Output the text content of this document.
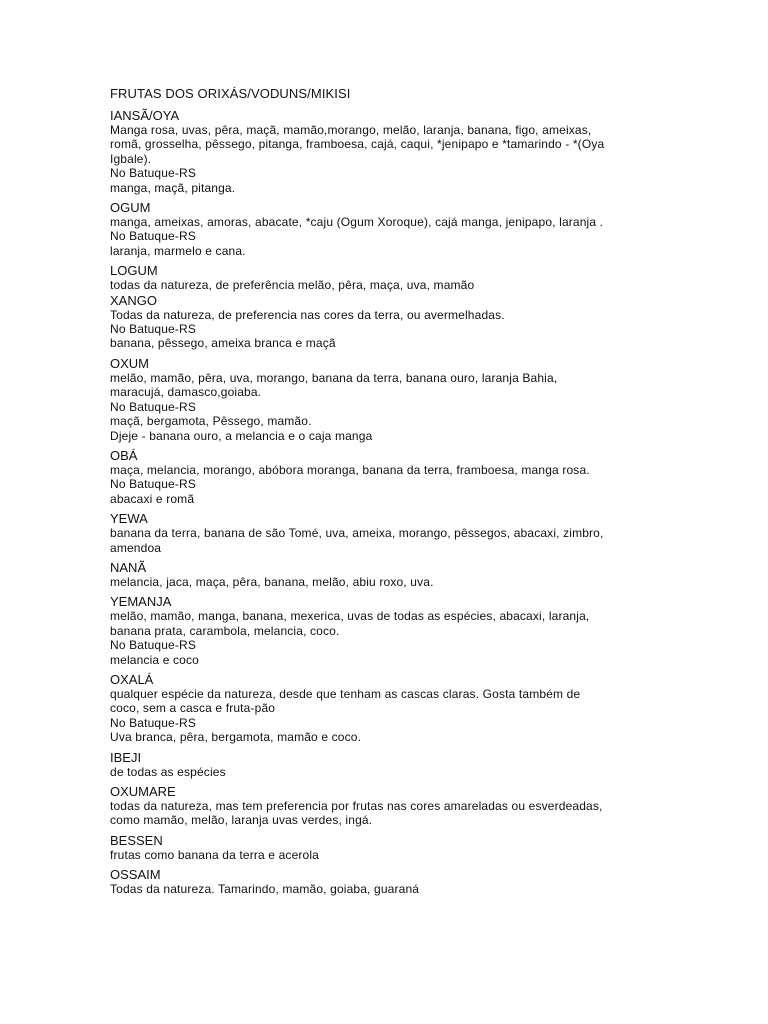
FRUTAS DOS ORIXÁS/VODUNS/MIKISI
IANSÃ/OYA
Manga rosa, uvas, pêra, maçã, mamão,morango, melão, laranja, banana, figo, ameixas,
romã, grosselha, pêssego, pitanga, framboesa, cajá, caqui, *jenipapo e *tamarindo - *(Oya
Igbale).
No Batuque-RS
manga, maçã, pitanga.
OGUM
manga, ameixas, amoras, abacate, *caju (Ogum Xoroque), cajá manga, jenipapo, laranja .
No Batuque-RS
laranja, marmelo e cana.
LOGUM
todas da natureza, de preferência melão, pêra, maça, uva, mamão
XANGO
Todas da natureza, de preferencia nas cores da terra, ou avermelhadas.
No Batuque-RS
banana, pêssego, ameixa branca e maçã
OXUM
melão, mamão, pêra, uva, morango, banana da terra, banana ouro, laranja Bahia,
maracujá, damasco,goiaba.
No Batuque-RS
maçã, bergamota, Pêssego, mamão.
Djeje - banana ouro, a melancia e o caja manga
OBÁ
maça, melancia, morango, abóbora moranga, banana da terra, framboesa, manga rosa.
No Batuque-RS
abacaxi e romã
YEWA
banana da terra, banana de são Tomé, uva, ameixa, morango, pêssegos, abacaxi, zimbro,
amendoa
NANÃ
melancia, jaca, maça, pêra, banana, melão, abiu roxo, uva.
YEMANJA
melão, mamão, manga, banana, mexerica, uvas de todas as espécies, abacaxi, laranja,
banana prata, carambola, melancia, coco.
No Batuque-RS
melancia e coco
OXALÁ
qualquer espécie da natureza, desde que tenham as cascas claras. Gosta também de
coco, sem a casca e fruta-pão
No Batuque-RS
Uva branca, pêra, bergamota, mamão e coco.
IBEJI
de todas as espécies
OXUMARE
todas da natureza, mas tem preferencia por frutas nas cores amareladas ou esverdeadas,
como mamão, melão, laranja uvas verdes, ingá.
BESSEN
frutas como banana da terra e acerola
OSSAIM
Todas da natureza. Tamarindo, mamão, goiaba, guaraná
